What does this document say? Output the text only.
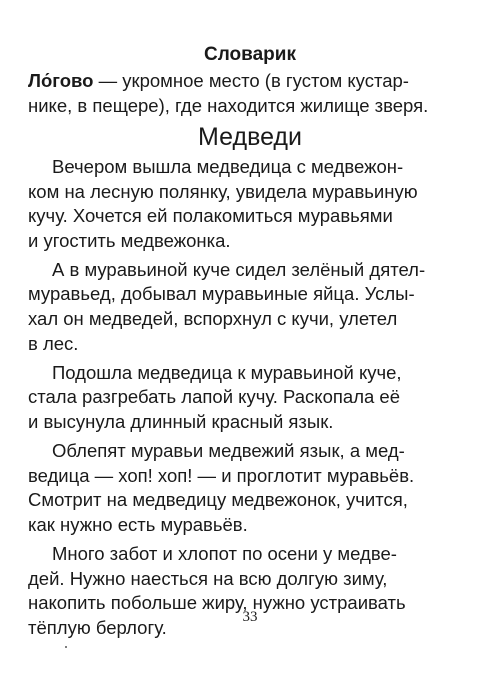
Словарик
Ло́гово — укромное место (в густом кустар-
нике, в пещере), где находится жилище зверя.
Медведи

Вечером вышла медведица с медвежон-
ком на лесную полянку, увидела муравьиную
кучу. Хочется ей полакомиться муравьями
и угостить медвежонка.

А в муравьиной куче сидел зелёный дятел-
муравьед, добывал муравьиные яйца. Услы-
хал он медведей, вспорхнул с кучи, улетел
в лес.

Подошла медведица к муравьиной куче,
стала разгребать лапой кучу. Раскопала её
и высунула длинный красный язык.

Облепят муравьи медвежий язык, а мед-
ведица — хоп! хоп! — и проглотит муравьёв.
Смотрит на медведицу медвежонок, учится,
как нужно есть муравьёв.

Много забот и хлопот по осени у медве-
дей. Нужно наесться на всю долгую зиму,
накопить побольше жиру, нужно устраивать
тёплую берлогу.	33
